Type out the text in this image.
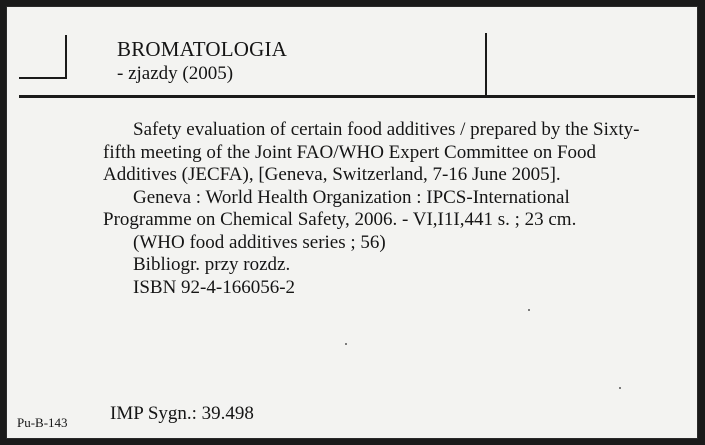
BROMATOLOGIA
- zjazdy (2005)

Safety evaluation of certain food additives / prepared by the Sixty-fifth meeting of the Joint FAO/WHO Expert Committee on Food Additives (JECFA), [Geneva, Switzerland, 7-16 June 2005].

Geneva : World Health Organization : IPCS-International Programme on Chemical Safety, 2006. - VI,I1I,441 s. ; 23 cm.

(WHO food additives series ; 56)

Bibliogr. przy rozdz.

ISBN 92-4-166056-2

Pu-B-143 IMP Sygn.: 39.498
